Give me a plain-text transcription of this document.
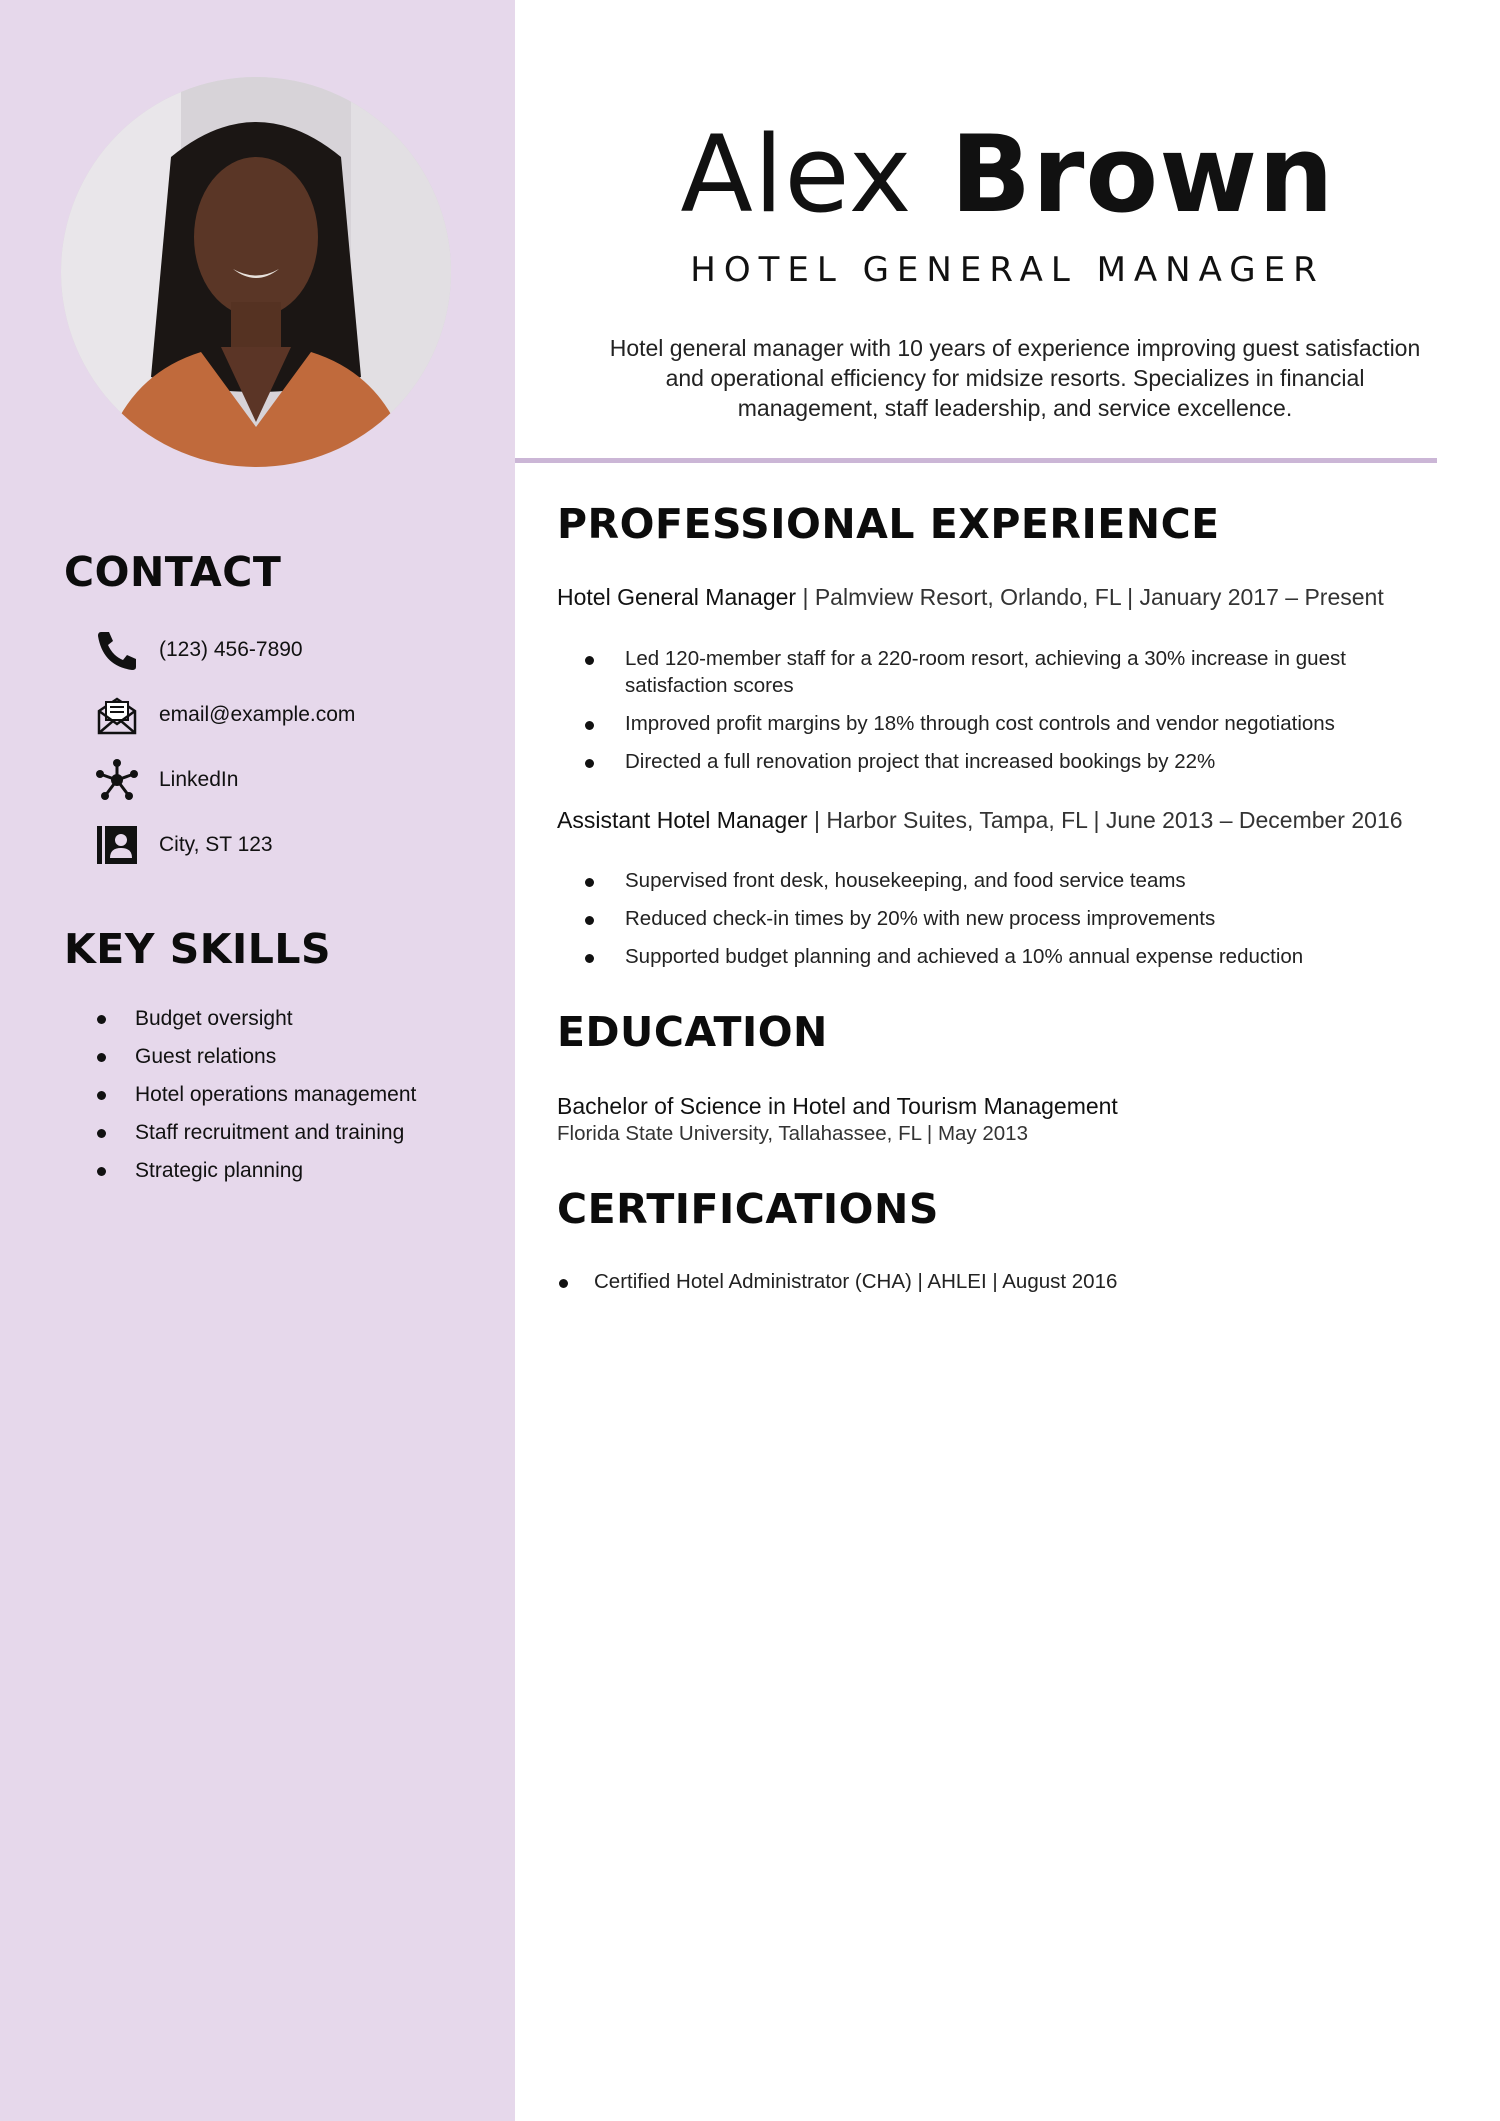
CONTACT
(123) 456-7890
email@example.com
LinkedIn
City, ST 123
KEY SKILLS
Budget oversight
Guest relations
Hotel operations management
Staff recruitment and training
Strategic planning
Alex Brown
HOTEL GENERAL MANAGER
Hotel general manager with 10 years of experience improving guest satisfaction and operational efficiency for midsize resorts. Specializes in financial management, staff leadership, and service excellence.
PROFESSIONAL EXPERIENCE
Hotel General Manager | Palmview Resort, Orlando, FL | January 2017 – Present
Led 120-member staff for a 220-room resort, achieving a 30% increase in guest satisfaction scores
Improved profit margins by 18% through cost controls and vendor negotiations
Directed a full renovation project that increased bookings by 22%
Assistant Hotel Manager | Harbor Suites, Tampa, FL | June 2013 – December 2016
Supervised front desk, housekeeping, and food service teams
Reduced check-in times by 20% with new process improvements
Supported budget planning and achieved a 10% annual expense reduction
EDUCATION
Bachelor of Science in Hotel and Tourism Management
Florida State University, Tallahassee, FL | May 2013
CERTIFICATIONS
Certified Hotel Administrator (CHA) | AHLEI | August 2016
